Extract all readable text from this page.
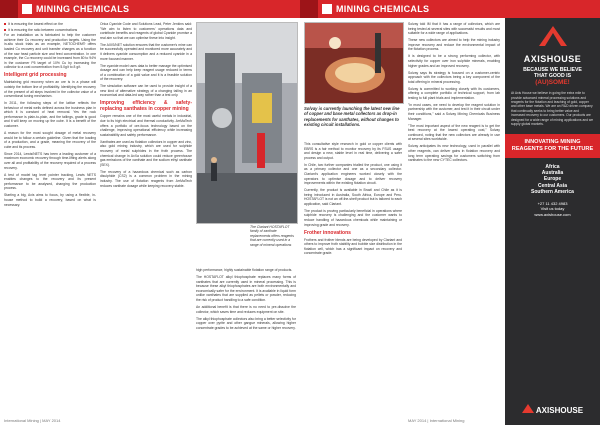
MINING CHEMICALS
It is ensuring the lowest effect on the
It is ensuring the ratio between concentrations

For an installation as is fabricated to help the customer achieve their Cu recovery and production targets. Using the in-situ stock trials as an example, NETOCHEM® offers loaded Cu recovery and unit transfer changes as a function of the raw head particle size and feed concentration. In one example, the Cu recovery could be increased from 80 to 94% in the customer P5 target of 10% Cu by increasing the collector to a cost concentration from 5.0g/t to 8 g/t.

Intelligent grid processing

Maintaining grid recovery when an ore is in a phase will outstrip the bottom line of profitability. Identifying the recovery of the present of all steps involved in the collector value of a conventional tuning mechanism.

In 2011, the following steps of the lattice reflects the behaviour of metal wells defined across the business plan in which it is constant of heat removal. Yes the rock performance is plain-to-plain, and the tailings, grade is good and it will keep on moving up the cube. It is a benefit of the customer.

A reason for the most sought dosage of metal recovery would be to follow a certain guideline. Given that the loading of a production, and a grade, meaning the recovery of the cube and its process.

Since 2014, Lewis/NETS has been a leading customer of a maximum economic recovery through time-lifting alerts along over all and profitability of the recovery required of a process recovery.

A test of model tag level pointer tracking, Lewis NETS enables changes to the recovery and its present performance to be analysed, changing the production process.

Starting a big, Axis aims to focus, by using a flexible, in-house method to build a recovery, based on what is necessary.

Orica Cyanide Code and Solutions Lead, Peter Jenkins said: "We aim to listen to customers' operations data and contribute benefits and reagents of global Cyanide promise a real aim so that we can optimise these into insight.

The AXIS/NET solution ensures that the customer's mine can be successfully operated and monitored more accurately and it delivers cyanide consumption and a reduced cyanide in a more focused manner.

The cyanide model uses data to better manage the optimised dosage and can help keep reagent usage reduced in terms of a combination of a gold value and it is a feasible solution of the recovery.

The simulation software can be used to provide insight of a new kind of alternative strategy of a changing tailing in an economical and data-led way rather than a test only.

Improving efficiency & safety-replacing xanthates in copper mining

Copper remains one of the most useful metals in industrial, due to its high electrical and thermal conductivity. ArrMaTech offers a portfolio of ore-focus technology based on the challenge, improving operational efficiency while increasing sustainability and safety performance.

Xanthates are used as flotation collectors in copper and zinc, also gold mining industry, which are used for sulphide recovery of metal sulphides in the froth process. The chemical change in AxXa solution could reduce greenhouse gas emissions of the xanthate and the sodium ethyl xanthate (SEX).

The recovery of a hazardous chemical such as carbon disulphide (CS2) is a common problem in the mining industry. The use of flotation reagents from ArrMaTech reduces xanthate dosage while keeping recovery stable.

The Clariant HOSTAFLOT family of xanthate replacements offers reagents that are currently used in a range of mineral operations

high performance, highly sustainable flotation range of products.

The HOSTAFLOT alkyl thiophosphate replaces many forms of xanthates that are currently used in mineral processing. This is because these alkyl thiophosphates are both environmentally and economically safer for the environment. It is available in liquid form unlike xanthates that are supplied as pellets or powder, reducing the risk of product handling to a safe condition.

An additional benefit is that there is no need to pre-dissolve the collector, which saves time and reduces equipment on site.

The alkyl thiophosphate collectors also bring a better selectivity for copper over pyrite and other gangue minerals, allowing higher concentrate grades to be achieved at the same or higher recovery.

International Mining | MAY 2014
MINING CHEMICALS
Solvay is currently launching the latest new line of copper and base metal collectors as drop-in replacements for xanthates, without changes to existing circuit installations.

This consultative style research in gold or copper clients with EBRS is a fair method to monitor recovery by its FSUS usage and design a new, stable level in real time, delivering a safer process and output.

In Chile, two further companies trialled the product, one using it as a primary collector and one as a secondary collector. Clariant's application engineers worked closely with the operators to optimise dosage and to deliver recovery improvements within the existing flotation circuit.

Currently, the product is available in Brazil and Chile as it is being introduced in Australia, South Africa, Europe and Peru. HOSTAFLOT is not an off-the-shelf product but is tailored to each application, said Clariant.

The product is proving particularly beneficial in operations where sulphide recovery is challenging and the customer wants to reduce handling of hazardous chemicals while maintaining or improving grade and recovery.

Frother innovations

Frothers and frother blends are being developed by Clariant and others to improve froth stability and bubble size distribution in the flotation cell, which has a significant impact on recovery and concentrate grade.

Solvay told IM that it has a range of collectors, which are being tested at several sites with successful results and most suitable for a wide range of applications.

These new collectors are aimed to help the mining industry improve recovery and reduce the environmental impact of the flotation process.

It is designed to be a strong performing collector, with selectivity for copper over iron sulphide minerals, enabling higher grades and an improved recovery.

Solvay says its strategy is focused on a customer-centric approach with the collectors being a key component of the total offering in mineral processing.

Solvay is committed to working closely with its customers, offering a complete portfolio of technical support, from lab testing to full plant trials and implementation.

"In most cases, we need to develop the reagent solution in partnership with the customer, and test it in their circuit under their conditions," said a Solvay Mining Chemicals Business Manager.

"The most important aspect of the new reagent is to get the best recovery at the lowest operating cost," Solvay continued, noting that the new collectors are already in use at several sites worldwide.

Solvay anticipates its new technology, used in parallel with other reagents, can deliver gains in flotation recovery and long term operating savings for customers switching from xanthates to the new CYTEC collectors.

MAY 2014 | International Mining
AXISHOUSE
BECAUSE WE BELIEVE
THAT GOOD IS
(AU)SOME!
At Axis House we believe in going the extra mile to provide advanced mineral processing solutions and reagents for the flotation and leaching of gold, copper and other base metals. We are an R&D driven company that continually seeks to bring better value and increased recovery to our customers. Our products are designed for a wide range of mining applications and we supply global markets.
INNOVATING MINING REAGENTS FOR THE FUTURE
Africa
Australia
Europe
Central Asia
Southern America
+27 11 432 4983
Visit us today
www.axishouse.com
AXISHOUSE
